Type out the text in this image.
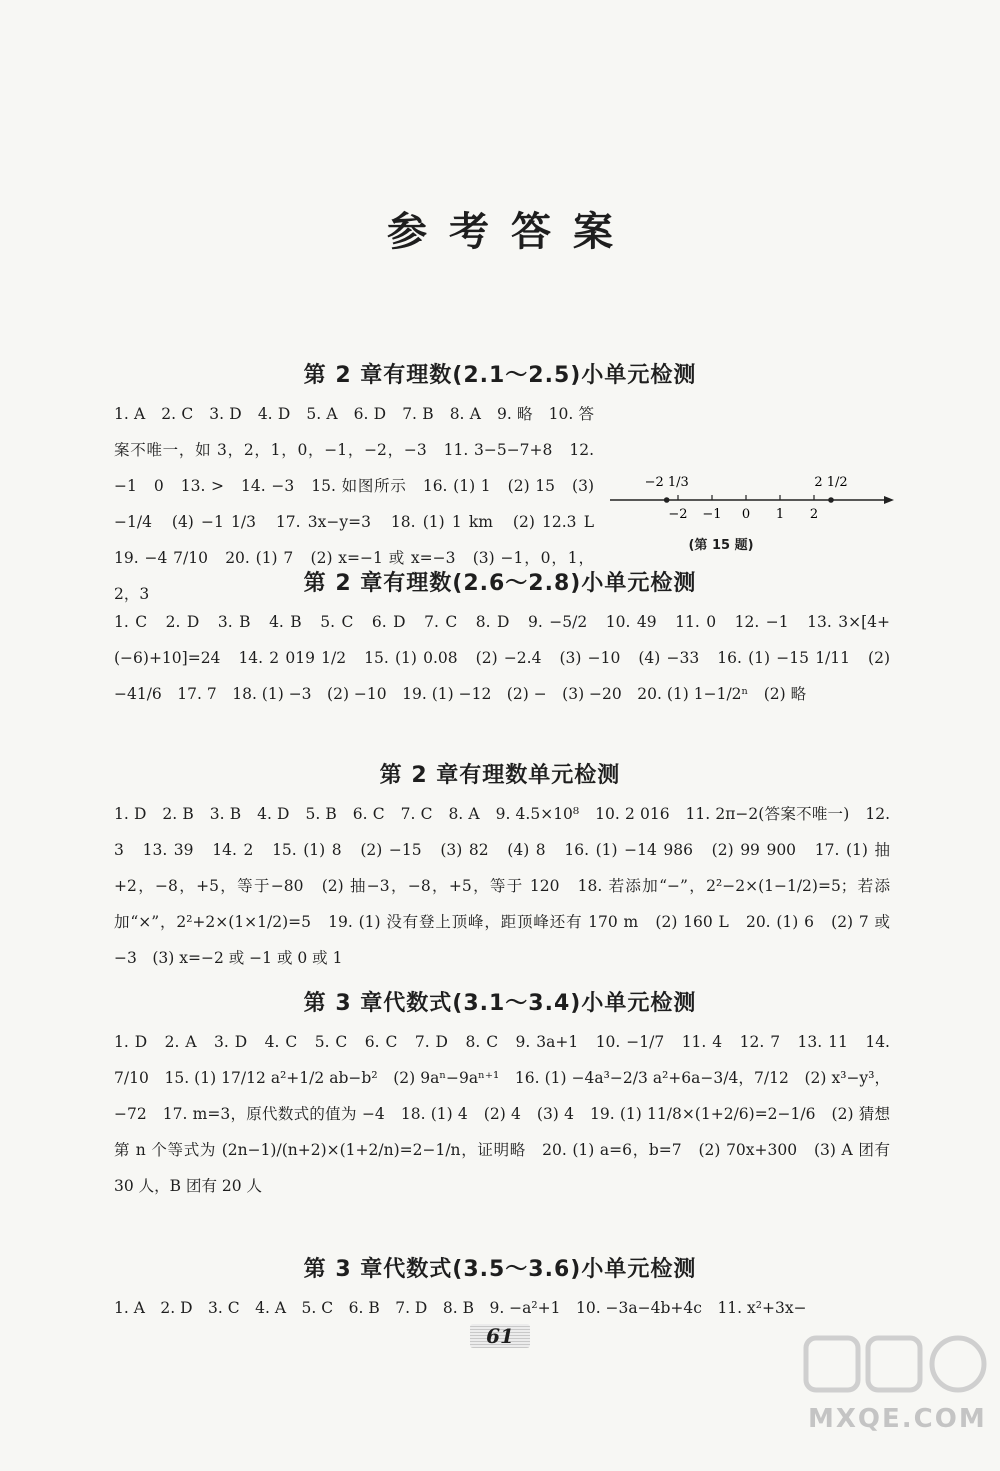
参考答案
第 2 章有理数(2.1～2.5)小单元检测
1. A　2. C　3. D　4. D　5. A　6. D　7. B　8. A　9. 略　10. 答案不唯一，如 3，2，1，0，−1，−2，−3　11. 3−5−7+8　12. −1　0　13. >　14. −3　15. 如图所示　16. (1) 1　(2) 15　(3) −1/4　(4) −1 1/3　17. 3x−y=3　18. (1) 1 km　(2) 12.3 L　19. −4 7/10　20. (1) 7　(2) x=−1 或 x=−3　(3) −1，0，1，2，3
−2 −1 0 1 2
−2 1/3	2 1/2
(第 15 题)
第 2 章有理数(2.6～2.8)小单元检测
1. C　2. D　3. B　4. B　5. C　6. D　7. C　8. D　9. −5/2　10. 49　11. 0　12. −1　13. 3×[4+(−6)+10]=24　14. 2 019 1/2　15. (1) 0.08　(2) −2.4　(3) −10　(4) −33　16. (1) −15 1/11　(2) −41/6　17. 7　18. (1) −3　(2) −10　19. (1) −12　(2) −　(3) −20　20. (1) 1−1/2ⁿ　(2) 略
第 2 章有理数单元检测
1. D　2. B　3. B　4. D　5. B　6. C　7. C　8. A　9. 4.5×10⁸　10. 2 016　11. 2π−2(答案不唯一)　12. 3　13. 39　14. 2　15. (1) 8　(2) −15　(3) 82　(4) 8　16. (1) −14 986　(2) 99 900　17. (1) 抽+2，−8，+5，等于−80　(2) 抽−3，−8，+5，等于 120　18. 若添加“−”，2²−2×(1−1/2)=5；若添加“×”，2²+2×(1×1/2)=5　19. (1) 没有登上顶峰，距顶峰还有 170 m　(2) 160 L　20. (1) 6　(2) 7 或 −3　(3) x=−2 或 −1 或 0 或 1
第 3 章代数式(3.1～3.4)小单元检测
1. D　2. A　3. D　4. C　5. C　6. C　7. D　8. C　9. 3a+1　10. −1/7　11. 4　12. 7　13. 11　14. 7/10　15. (1) 17/12 a²+1/2 ab−b²　(2) 9aⁿ−9aⁿ⁺¹　16. (1) −4a³−2/3 a²+6a−3/4，7/12　(2) x³−y³，−72　17. m=3，原代数式的值为 −4　18. (1) 4　(2) 4　(3) 4　19. (1) 11/8×(1+2/6)=2−1/6　(2) 猜想第 n 个等式为 (2n−1)/(n+2)×(1+2/n)=2−1/n，证明略　20. (1) a=6，b=7　(2) 70x+300　(3) A 团有 30 人，B 团有 20 人
第 3 章代数式(3.5～3.6)小单元检测
1. A　2. D　3. C　4. A　5. C　6. B　7. D　8. B　9. −a²+1　10. −3a−4b+4c　11. x²+3x−
61
MXQE.COM
